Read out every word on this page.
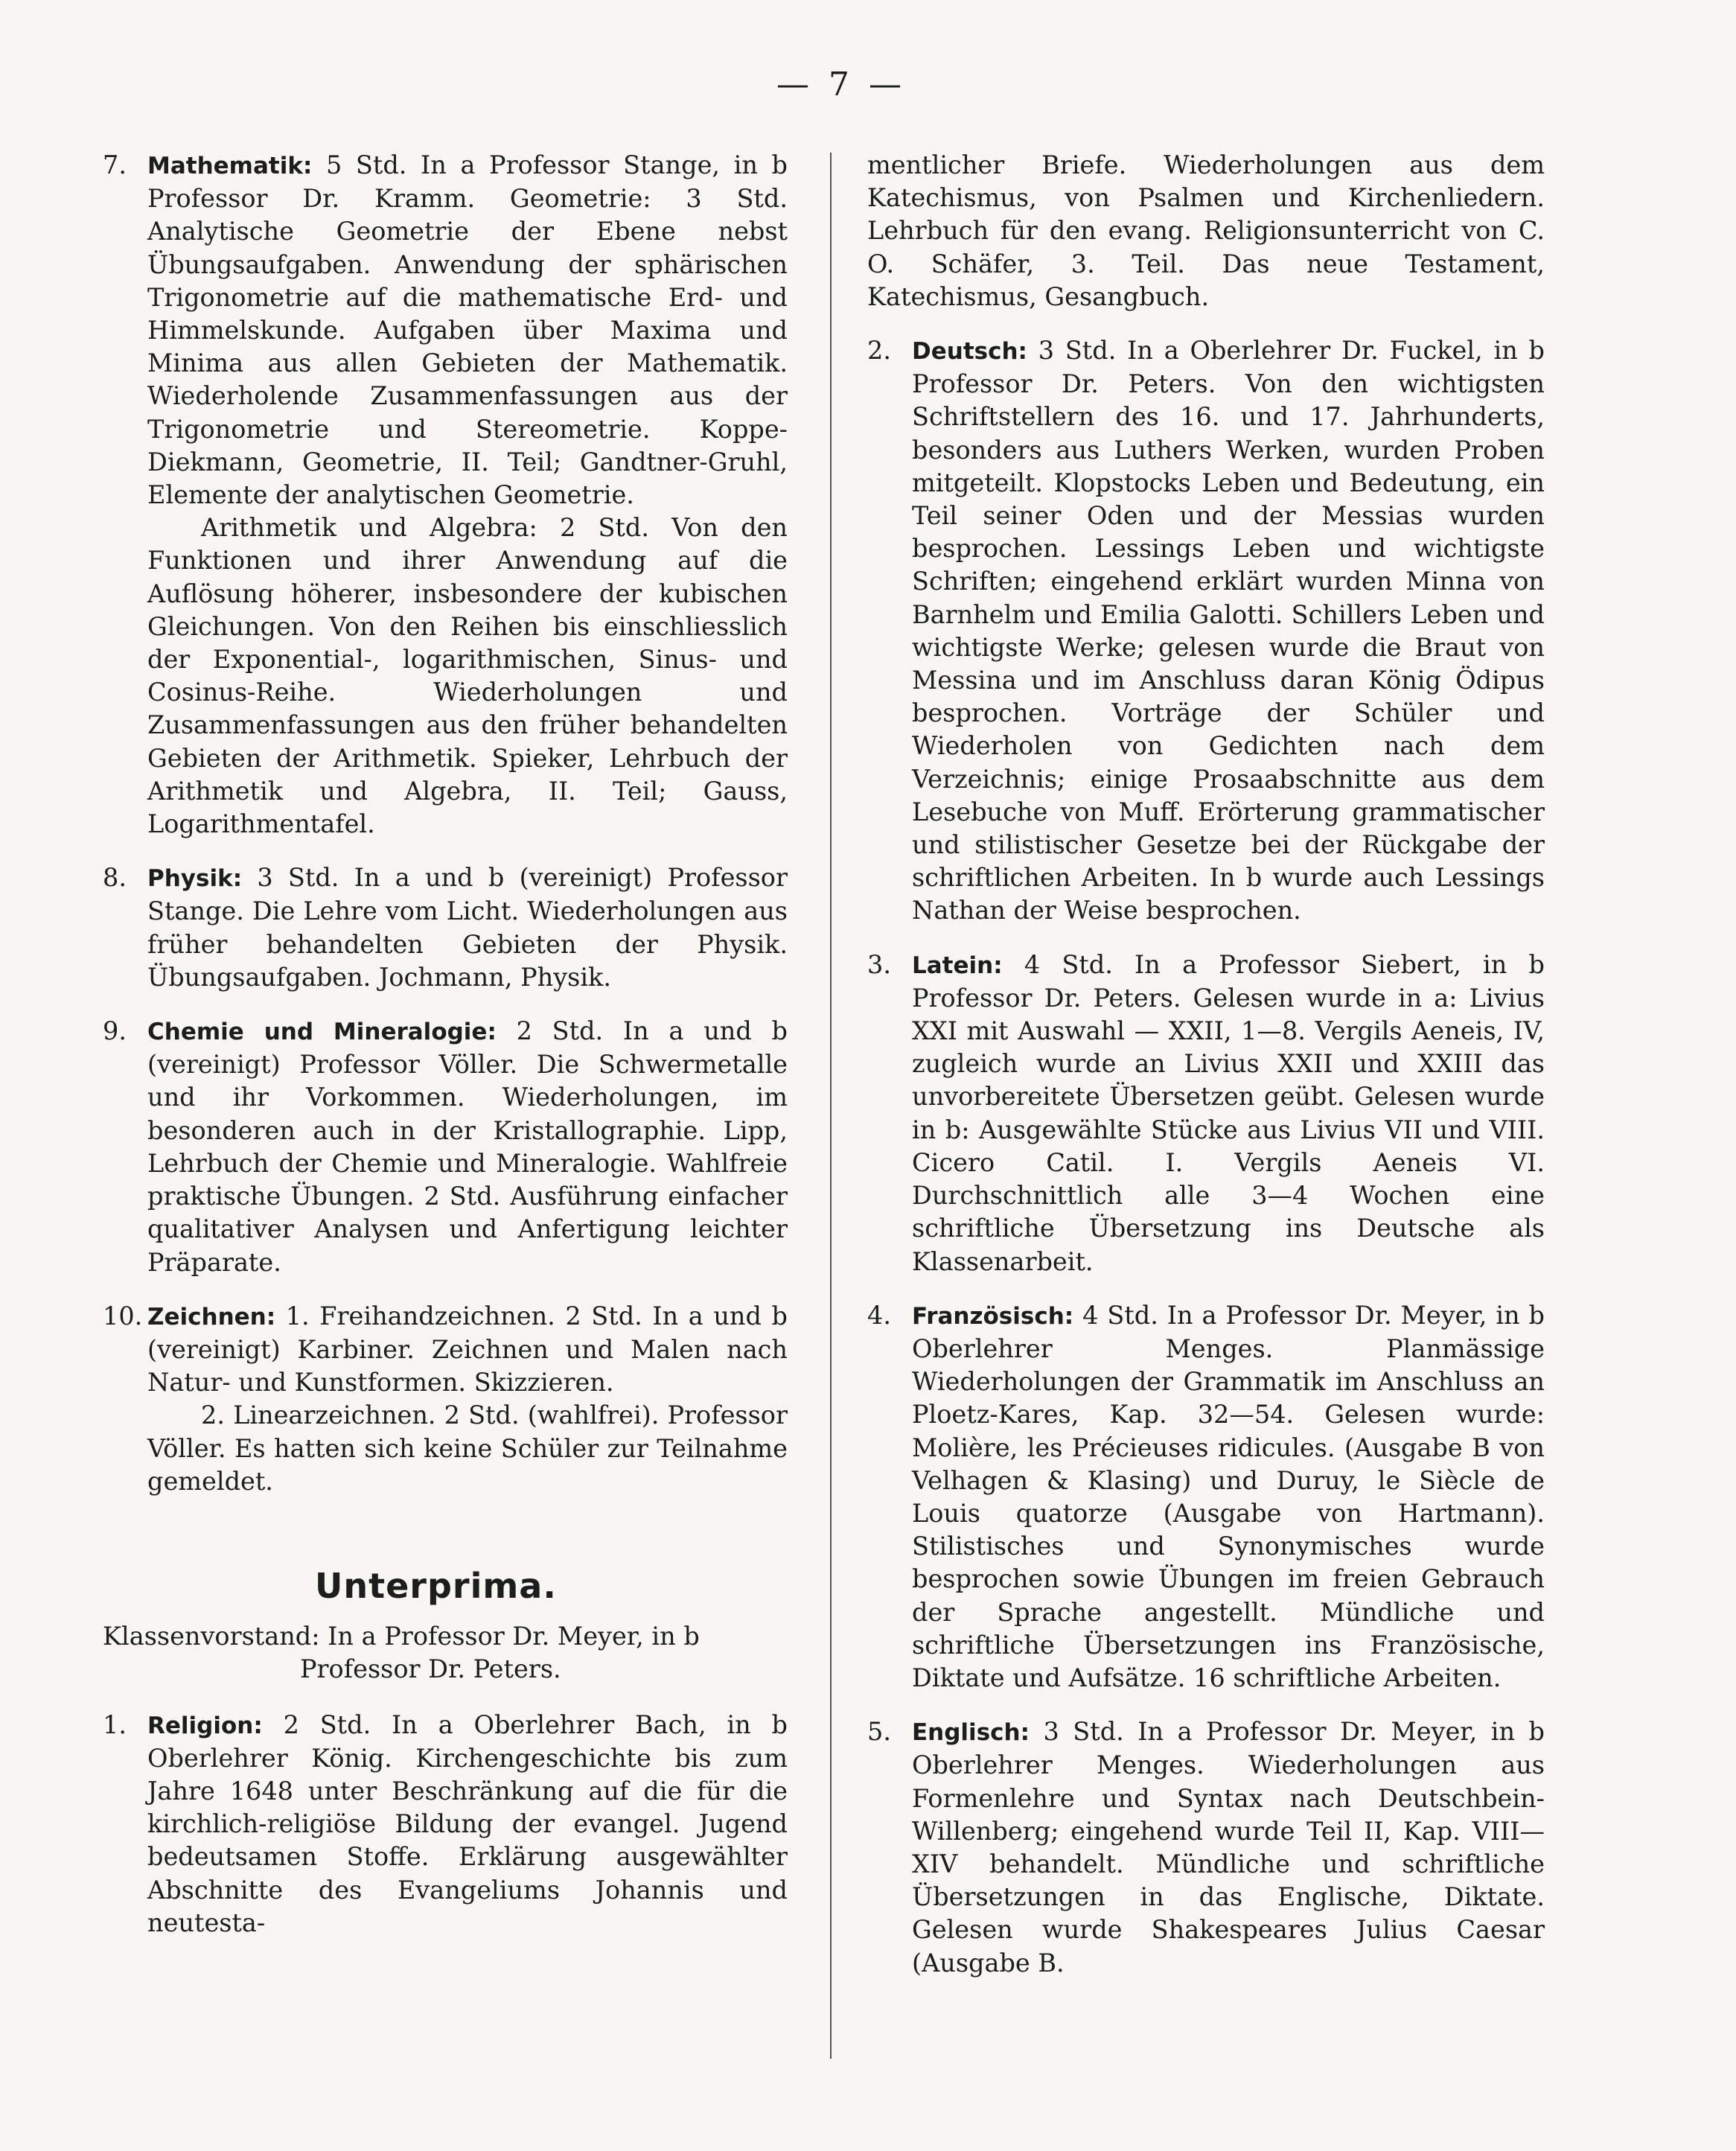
— 7 —
7. Mathematik: 5 Std. In a Professor Stange, in b Professor Dr. Kramm. Geometrie: 3 Std. Analytische Geometrie der Ebene nebst Übungsaufgaben. Anwendung der sphärischen Trigonometrie auf die mathematische Erd- und Himmelskunde. Aufgaben über Maxima und Minima aus allen Gebieten der Mathematik. Wiederholende Zusammenfassungen aus der Trigonometrie und Stereometrie. Koppe-Diekmann, Geometrie, II. Teil; Gandtner-Gruhl, Elemente der analytischen Geometrie.

Arithmetik und Algebra: 2 Std. Von den Funktionen und ihrer Anwendung auf die Auflösung höherer, insbesondere der kubischen Gleichungen. Von den Reihen bis einschliesslich der Exponential-, logarithmischen, Sinus- und Cosinus-Reihe. Wiederholungen und Zusammenfassungen aus den früher behandelten Gebieten der Arithmetik. Spieker, Lehrbuch der Arithmetik und Algebra, II. Teil; Gauss, Logarithmentafel.

8. Physik: 3 Std. In a und b (vereinigt) Professor Stange. Die Lehre vom Licht. Wiederholungen aus früher behandelten Gebieten der Physik. Übungsaufgaben. Jochmann, Physik.

9. Chemie und Mineralogie: 2 Std. In a und b (vereinigt) Professor Völler. Die Schwermetalle und ihr Vorkommen. Wiederholungen, im besonderen auch in der Kristallographie. Lipp, Lehrbuch der Chemie und Mineralogie. Wahlfreie praktische Übungen. 2 Std. Ausführung einfacher qualitativer Analysen und Anfertigung leichter Präparate.

10. Zeichnen: 1. Freihandzeichnen. 2 Std. In a und b (vereinigt) Karbiner. Zeichnen und Malen nach Natur- und Kunstformen. Skizzieren.

2. Linearzeichnen. 2 Std. (wahlfrei). Professor Völler. Es hatten sich keine Schüler zur Teilnahme gemeldet.

Unterprima.

Klassenvorstand: In a Professor Dr. Meyer, in b

Professor Dr. Peters.

1. Religion: 2 Std. In a Oberlehrer Bach, in b Oberlehrer König. Kirchengeschichte bis zum Jahre 1648 unter Beschränkung auf die für die kirchlich-religiöse Bildung der evangel. Jugend bedeutsamen Stoffe. Erklärung ausgewählter Abschnitte des Evangeliums Johannis und neutesta-

mentlicher Briefe. Wiederholungen aus dem Katechismus, von Psalmen und Kirchenliedern. Lehrbuch für den evang. Religionsunterricht von C. O. Schäfer, 3. Teil. Das neue Testament, Katechismus, Gesangbuch.

2. Deutsch: 3 Std. In a Oberlehrer Dr. Fuckel, in b Professor Dr. Peters. Von den wichtigsten Schriftstellern des 16. und 17. Jahrhunderts, besonders aus Luthers Werken, wurden Proben mitgeteilt. Klopstocks Leben und Bedeutung, ein Teil seiner Oden und der Messias wurden besprochen. Lessings Leben und wichtigste Schriften; eingehend erklärt wurden Minna von Barnhelm und Emilia Galotti. Schillers Leben und wichtigste Werke; gelesen wurde die Braut von Messina und im Anschluss daran König Ödipus besprochen. Vorträge der Schüler und Wiederholen von Gedichten nach dem Verzeichnis; einige Prosaabschnitte aus dem Lesebuche von Muff. Erörterung grammatischer und stilistischer Gesetze bei der Rückgabe der schriftlichen Arbeiten. In b wurde auch Lessings Nathan der Weise besprochen.

3. Latein: 4 Std. In a Professor Siebert, in b Professor Dr. Peters. Gelesen wurde in a: Livius XXI mit Auswahl — XXII, 1—8. Vergils Aeneis, IV, zugleich wurde an Livius XXII und XXIII das unvorbereitete Übersetzen geübt. Gelesen wurde in b: Ausgewählte Stücke aus Livius VII und VIII. Cicero Catil. I. Vergils Aeneis VI. Durchschnittlich alle 3—4 Wochen eine schriftliche Übersetzung ins Deutsche als Klassenarbeit.

4. Französisch: 4 Std. In a Professor Dr. Meyer, in b Oberlehrer Menges. Planmässige Wiederholungen der Grammatik im Anschluss an Ploetz-Kares, Kap. 32—54. Gelesen wurde: Molière, les Précieuses ridicules. (Ausgabe B von Velhagen & Klasing) und Duruy, le Siècle de Louis quatorze (Ausgabe von Hartmann). Stilistisches und Synonymisches wurde besprochen sowie Übungen im freien Gebrauch der Sprache angestellt. Mündliche und schriftliche Übersetzungen ins Französische, Diktate und Aufsätze. 16 schriftliche Arbeiten.

5. Englisch: 3 Std. In a Professor Dr. Meyer, in b Oberlehrer Menges. Wiederholungen aus Formenlehre und Syntax nach Deutschbein-Willenberg; eingehend wurde Teil II, Kap. VIII—XIV behandelt. Mündliche und schriftliche Übersetzungen in das Englische, Diktate. Gelesen wurde Shakespeares Julius Caesar (Ausgabe B.
